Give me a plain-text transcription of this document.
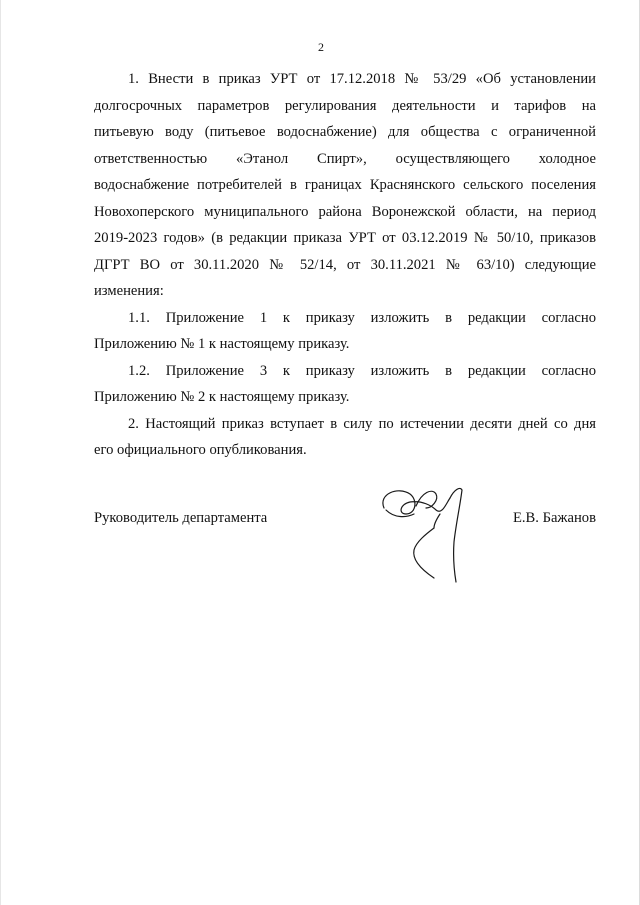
2

1. Внести в приказ УРТ от 17.12.2018 № 53/29 «Об установлении
долгосрочных параметров регулирования деятельности и тарифов на
питьевую воду (питьевое водоснабжение) для общества с ограниченной
ответственностью «Этанол Спирт», осуществляющего холодное
водоснабжение потребителей в границах Краснянского сельского поселения
Новохоперского муниципального района Воронежской области, на период
2019-2023 годов» (в редакции приказа УРТ от 03.12.2019 № 50/10, приказов
ДГРТ ВО от 30.11.2020 № 52/14, от 30.11.2021 № 63/10) следующие
изменения:

1.1. Приложение 1 к приказу изложить в редакции согласно
Приложению № 1 к настоящему приказу.

1.2. Приложение 3 к приказу изложить в редакции согласно
Приложению № 2 к настоящему приказу.

2. Настоящий приказ вступает в силу по истечении десяти дней со дня
его официального опубликования.

Руководитель департамента	Е.В. Бажанов
